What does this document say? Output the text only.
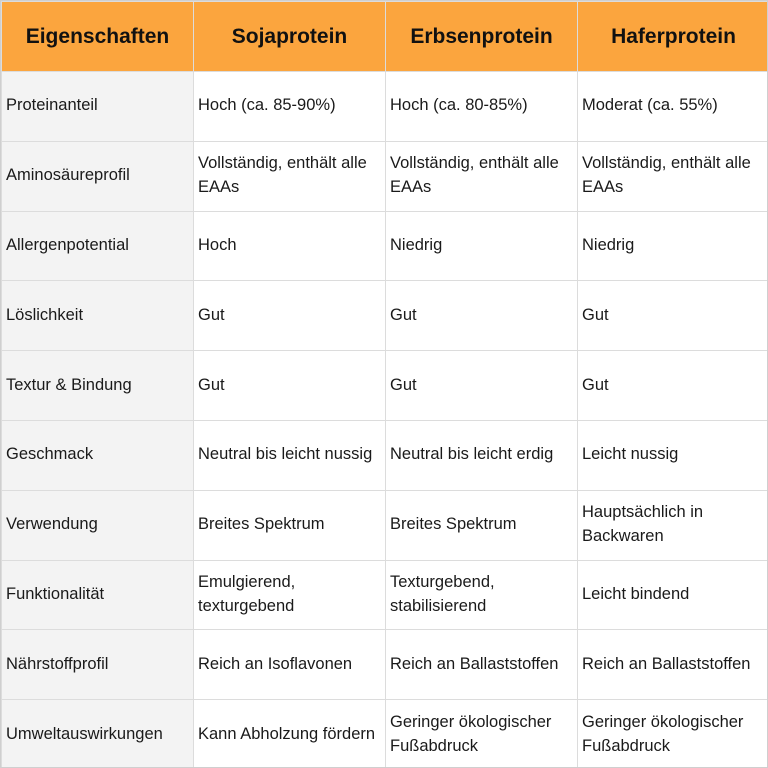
Eigenschaften	Sojaprotein	Erbsenprotein	Haferprotein
Proteinanteil	Hoch (ca. 85-90%)	Hoch (ca. 80-85%)	Moderat (ca. 55%)
Aminosäureprofil	Vollständig, enthält alle EAAs	Vollständig, enthält alle EAAs	Vollständig, enthält alle EAAs
Allergenpotential	Hoch	Niedrig	Niedrig
Löslichkeit	Gut	Gut	Gut
Textur & Bindung	Gut	Gut	Gut
Geschmack	Neutral bis leicht nussig	Neutral bis leicht erdig	Leicht nussig
Verwendung	Breites Spektrum	Breites Spektrum	Hauptsächlich in Backwaren
Funktionalität	Emulgierend, texturgebend	Texturgebend, stabilisierend	Leicht bindend
Nährstoffprofil	Reich an Isoflavonen	Reich an Ballaststoffen	Reich an Ballaststoffen
Umweltauswirkungen	Kann Abholzung fördern	Geringer ökologischer Fußabdruck	Geringer ökologischer Fußabdruck
